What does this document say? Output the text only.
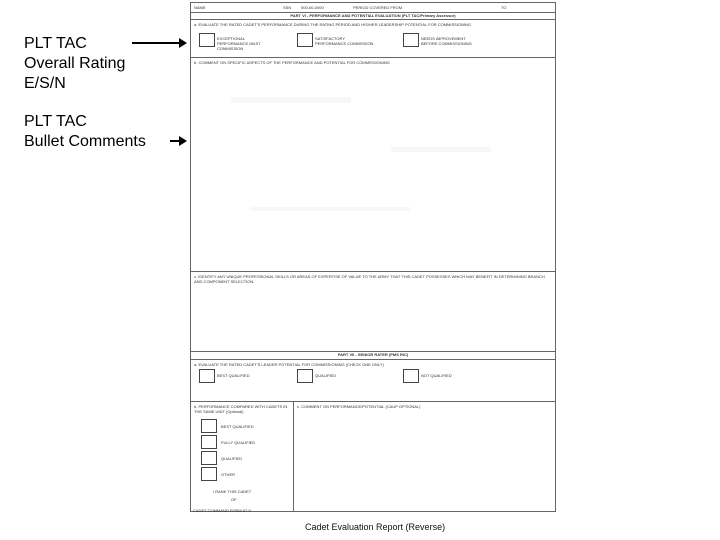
PLT TAC
Overall Rating
E/S/N
PLT TAC
Bullet Comments
NAME	SSN 000-00-0000	PERIOD COVERED FROM	TO
PART VI - PERFORMANCE AND POTENTIAL EVALUATION (PLT TAC/Primary Assessor)
a. EVALUATE THE RATED CADET'S PERFORMANCE DURING THE RATING PERIOD AND HIS/HER LEADERSHIP POTENTIAL FOR COMMISSIONING
EXCEPTIONAL PERFORMANCE MUST COMMISSION
SATISFACTORY PERFORMANCE COMMISSION
NEEDS IMPROVEMENT BEFORE COMMISSIONING
b. COMMENT ON SPECIFIC ASPECTS OF THE PERFORMANCE AND POTENTIAL FOR COMMISSIONING
c. IDENTIFY ANY UNIQUE PROFESSIONAL SKILLS OR AREAS OF EXPERTISE OF VALUE TO THE ARMY THAT THIS CADET POSSESSES WHICH MAY BENEFIT IN DETERMINING BRANCH AND COMPONENT SELECTION.
PART VII - SENIOR RATER (PMS RIC)
a. EVALUATE THE RATED CADET'S LEADER POTENTIAL FOR COMMISSIONING (CHECK ONE ONLY)
BEST QUALIFIED	QUALIFIED	NOT QUALIFIED
b. PERFORMANCE COMPARED WITH CADETS IN THE SAME UNIT (Optional)
BEST QUALIFIED
FULLY QUALIFIED
QUALIFIED
OTHER
I RANK THIS CADET
OF
c. COMMENT ON PERFORMANCE/POTENTIAL (CAUP OPTIONAL)
CADET COMMAND FORM 67-9
Cadet Evaluation Report (Reverse)
